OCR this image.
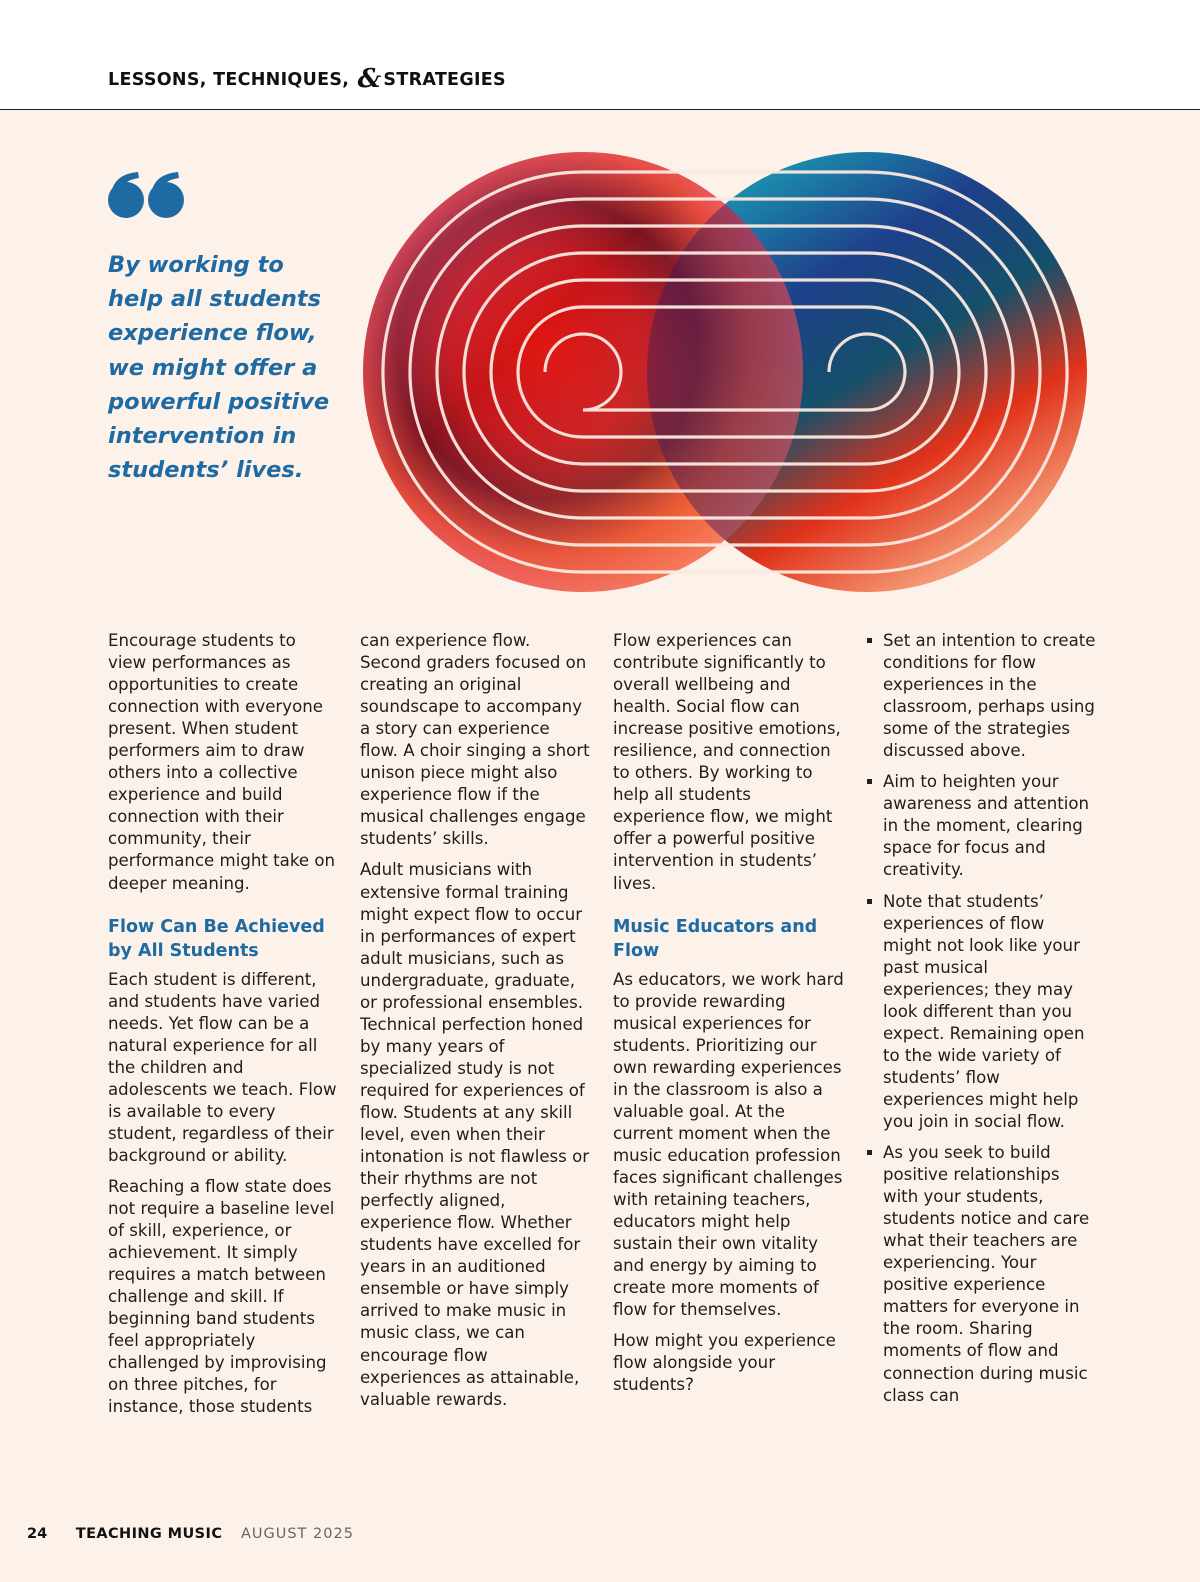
LESSONS, TECHNIQUES, & STRATEGIES
By working to help all students experience flow, we might offer a powerful positive intervention in students’ lives.

Encourage students to view performances as opportunities to create connection with everyone present. When student performers aim to draw others into a collective experience and build connection with their community, their performance might take on deeper meaning.

Flow Can Be Achieved by All Students

Each student is different, and students have varied needs. Yet flow can be a natural experience for all the children and adolescents we teach. Flow is available to every student, regardless of their background or ability.

Reaching a flow state does not require a baseline level of skill, experience, or achievement. It simply requires a match between challenge and skill. If beginning band students feel appropriately challenged by improvising on three pitches, for instance, those students

can experience flow. Second graders focused on creating an original soundscape to accompany a story can experience flow. A choir singing a short unison piece might also experience flow if the musical challenges engage students’ skills.

Adult musicians with extensive formal training might expect flow to occur in performances of expert adult musicians, such as undergraduate, graduate, or professional ensembles. Technical perfection honed by many years of specialized study is not required for experiences of flow. Students at any skill level, even when their intonation is not flawless or their rhythms are not perfectly aligned, experience flow. Whether students have excelled for years in an auditioned ensemble or have simply arrived to make music in music class, we can encourage flow experiences as attainable, valuable rewards.

Flow experiences can contribute significantly to overall wellbeing and health. Social flow can increase positive emotions, resilience, and connection to others. By working to help all students experience flow, we might offer a powerful positive intervention in students’ lives.

Music Educators and Flow

As educators, we work hard to provide rewarding musical experiences for students. Prioritizing our own rewarding experiences in the classroom is also a valuable goal. At the current moment when the music education profession faces significant challenges with retaining teachers, educators might help sustain their own vitality and energy by aiming to create more moments of flow for themselves.

How might you experience flow alongside your students?

Set an intention to create conditions for flow experiences in the classroom, perhaps using some of the strategies discussed above.
Aim to heighten your awareness and attention in the moment, clearing space for focus and creativity.
Note that students’ experiences of flow might not look like your past musical experiences; they may look different than you expect. Remaining open to the wide variety of students’ flow experiences might help you join in social flow.
As you seek to build positive relationships with your students, students notice and care what their teachers are experiencing. Your positive experience matters for everyone in the room. Sharing moments of flow and connection during music class can
24 TEACHING MUSIC AUGUST 2025
